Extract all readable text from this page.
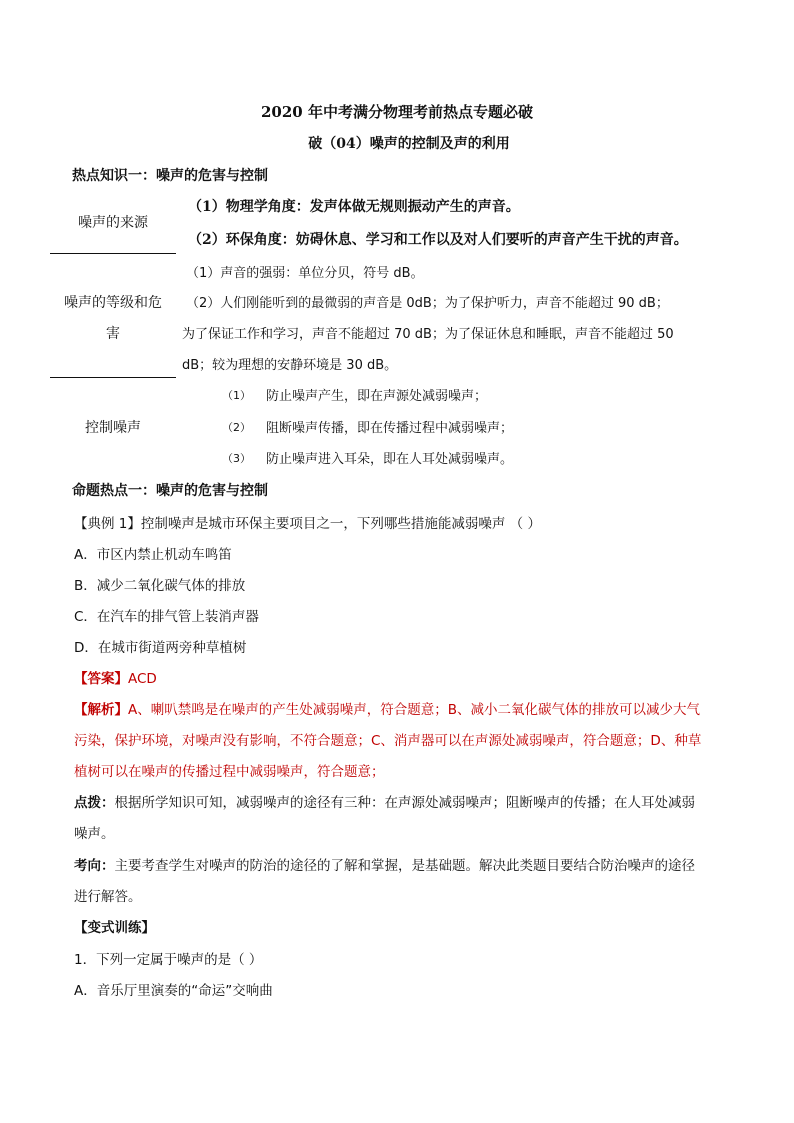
2020 年中考满分物理考前热点专题必破
破（04）噪声的控制及声的利用
热点知识一：噪声的危害与控制
噪声的来源
（1）物理学角度：发声体做无规则振动产生的声音。
（2）环保角度：妨碍休息、学习和工作以及对人们要听的声音产生干扰的声音。
噪声的等级和危
害
（1）声音的强弱：单位分贝，符号 dB。
（2）人们刚能听到的最微弱的声音是 0dB；为了保护听力，声音不能超过 90 dB；
为了保证工作和学习，声音不能超过 70 dB；为了保证休息和睡眠，声音不能超过 50
dB；较为理想的安静环境是 30 dB。
控制噪声
（1） 防止噪声产生，即在声源处减弱噪声；
（2） 阻断噪声传播，即在传播过程中减弱噪声；
（3） 防止噪声进入耳朵，即在人耳处减弱噪声。
命题热点一：噪声的危害与控制
【典例 1】控制噪声是城市环保主要项目之一，下列哪些措施能减弱噪声 （ ）
A．市区内禁止机动车鸣笛
B．减少二氧化碳气体的排放
C．在汽车的排气管上装消声器
D．在城市街道两旁种草植树
【答案】ACD
【解析】A、喇叭禁鸣是在噪声的产生处减弱噪声，符合题意；B、减小二氧化碳气体的排放可以减少大气
污染，保护环境，对噪声没有影响，不符合题意；C、消声器可以在声源处减弱噪声，符合题意；D、种草
植树可以在噪声的传播过程中减弱噪声，符合题意；
点拨：根据所学知识可知，减弱噪声的途径有三种：在声源处减弱噪声；阻断噪声的传播；在人耳处减弱
噪声。
考向：主要考查学生对噪声的防治的途径的了解和掌握，是基础题。解决此类题目要结合防治噪声的途径
进行解答。
【变式训练】
1．下列一定属于噪声的是（ ）
A．音乐厅里演奏的“命运”交响曲
